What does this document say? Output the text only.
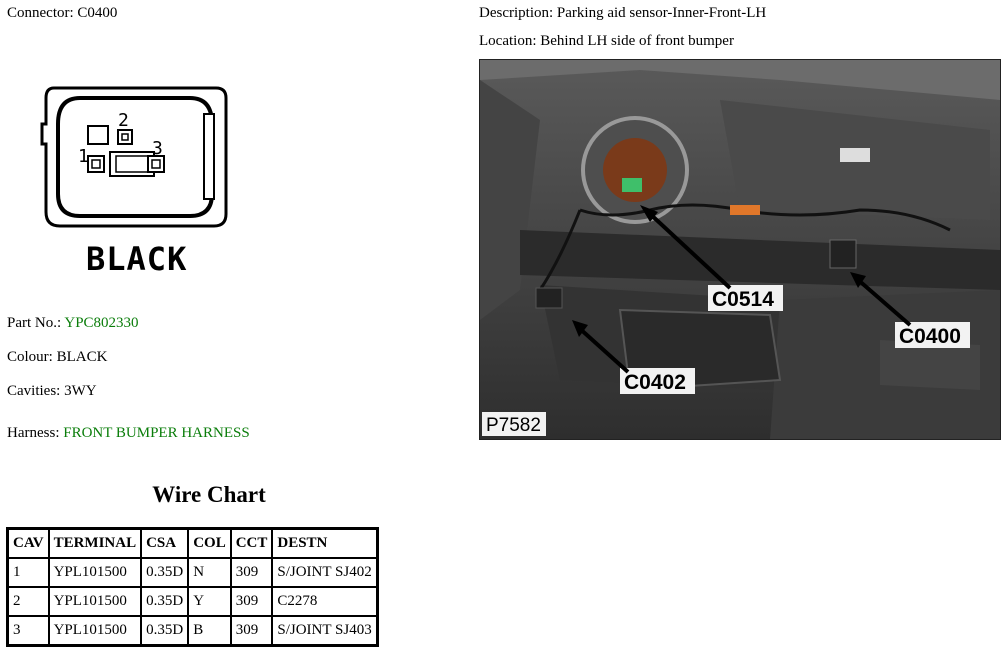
Connector: C0400
1
2
3
BLACK
Part No.: YPC802330
Colour: BLACK
Cavities: 3WY
Harness: FRONT BUMPER HARNESS
Wire Chart
CAV	TERMINAL	CSA	COL	CCT	DESTN
1	YPL101500	0.35D	N	309	S/JOINT SJ402
2	YPL101500	0.35D	Y	309	C2278
3	YPL101500	0.35D	B	309	S/JOINT SJ403
Description: Parking aid sensor-Inner-Front-LH
Location: Behind LH side of front bumper
C0514
C0400
C0402
P7582
